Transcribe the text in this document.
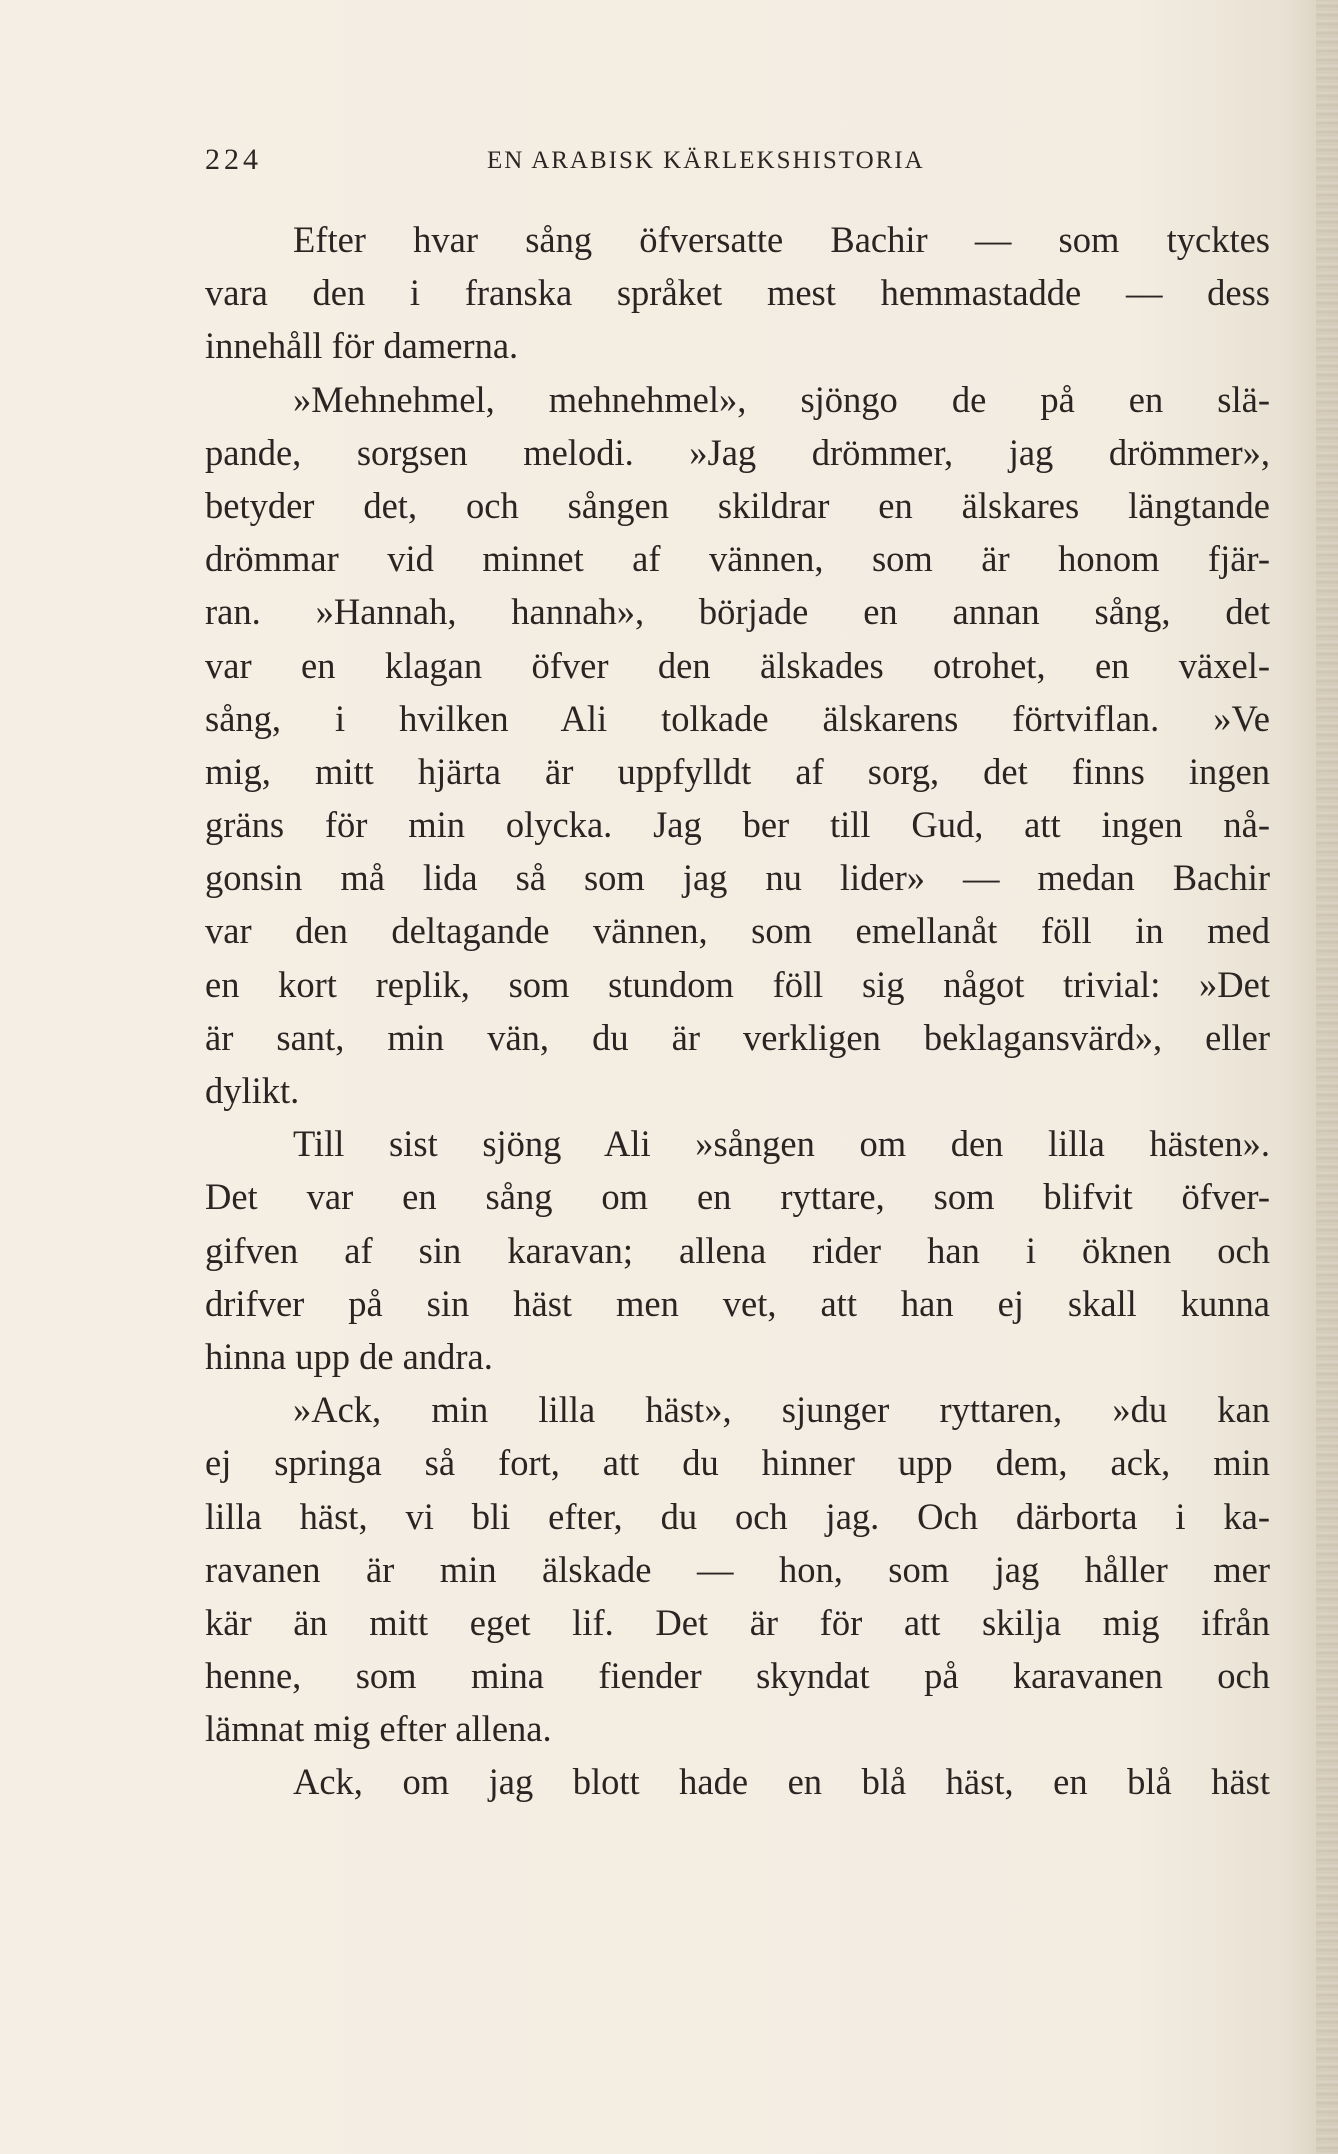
224	EN ARABISK KÄRLEKSHISTORIA
Efter hvar sång öfversatte Bachir — som tycktes
vara den i franska språket mest hemmastadde — dess
innehåll för damerna.
»Mehnehmel, mehnehmel», sjöngo de på en slä-
pande, sorgsen melodi. »Jag drömmer, jag drömmer»,
betyder det, och sången skildrar en älskares längtande
drömmar vid minnet af vännen, som är honom fjär-
ran. »Hannah, hannah», började en annan sång, det
var en klagan öfver den älskades otrohet, en växel-
sång, i hvilken Ali tolkade älskarens förtviflan. »Ve
mig, mitt hjärta är uppfylldt af sorg, det finns ingen
gräns för min olycka. Jag ber till Gud, att ingen nå-
gonsin må lida så som jag nu lider» — medan Bachir
var den deltagande vännen, som emellanåt föll in med
en kort replik, som stundom föll sig något trivial: »Det
är sant, min vän, du är verkligen beklagansvärd», eller
dylikt.
Till sist sjöng Ali »sången om den lilla hästen».
Det var en sång om en ryttare, som blifvit öfver-
gifven af sin karavan; allena rider han i öknen och
drifver på sin häst men vet, att han ej skall kunna
hinna upp de andra.
»Ack, min lilla häst», sjunger ryttaren, »du kan
ej springa så fort, att du hinner upp dem, ack, min
lilla häst, vi bli efter, du och jag. Och därborta i ka-
ravanen är min älskade — hon, som jag håller mer
kär än mitt eget lif. Det är för att skilja mig ifrån
henne, som mina fiender skyndat på karavanen och
lämnat mig efter allena.
Ack, om jag blott hade en blå häst, en blå häst
